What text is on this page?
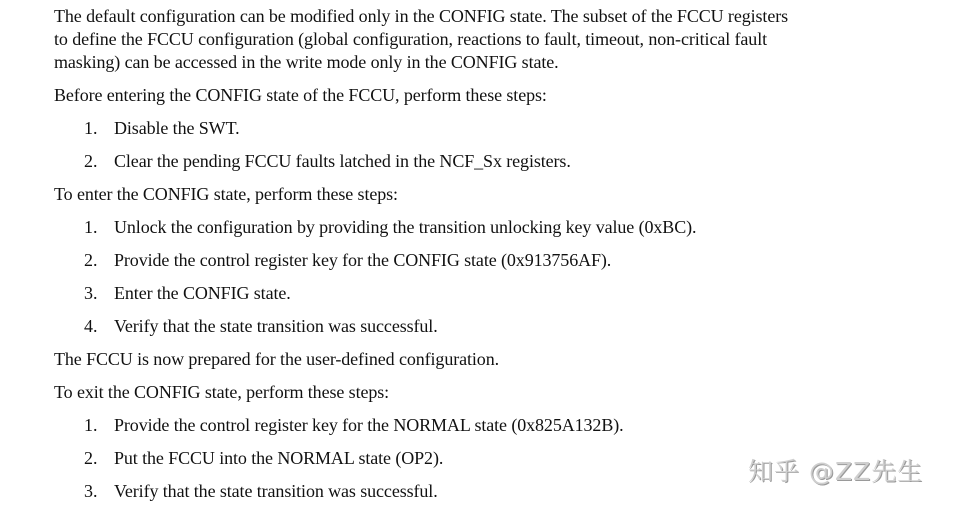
The default configuration can be modified only in the CONFIG state. The subset of the FCCU registers
to define the FCCU configuration (global configuration, reactions to fault, timeout, non-critical fault
masking) can be accessed in the write mode only in the CONFIG state.
Before entering the CONFIG state of the FCCU, perform these steps:
1. Disable the SWT.
2. Clear the pending FCCU faults latched in the NCF_Sx registers.
To enter the CONFIG state, perform these steps:
1. Unlock the configuration by providing the transition unlocking key value (0xBC).
2. Provide the control register key for the CONFIG state (0x913756AF).
3. Enter the CONFIG state.
4. Verify that the state transition was successful.
The FCCU is now prepared for the user-defined configuration.
To exit the CONFIG state, perform these steps:
1. Provide the control register key for the NORMAL state (0x825A132B).
2. Put the FCCU into the NORMAL state (OP2).
3. Verify that the state transition was successful.
知乎 @ZZ先生
